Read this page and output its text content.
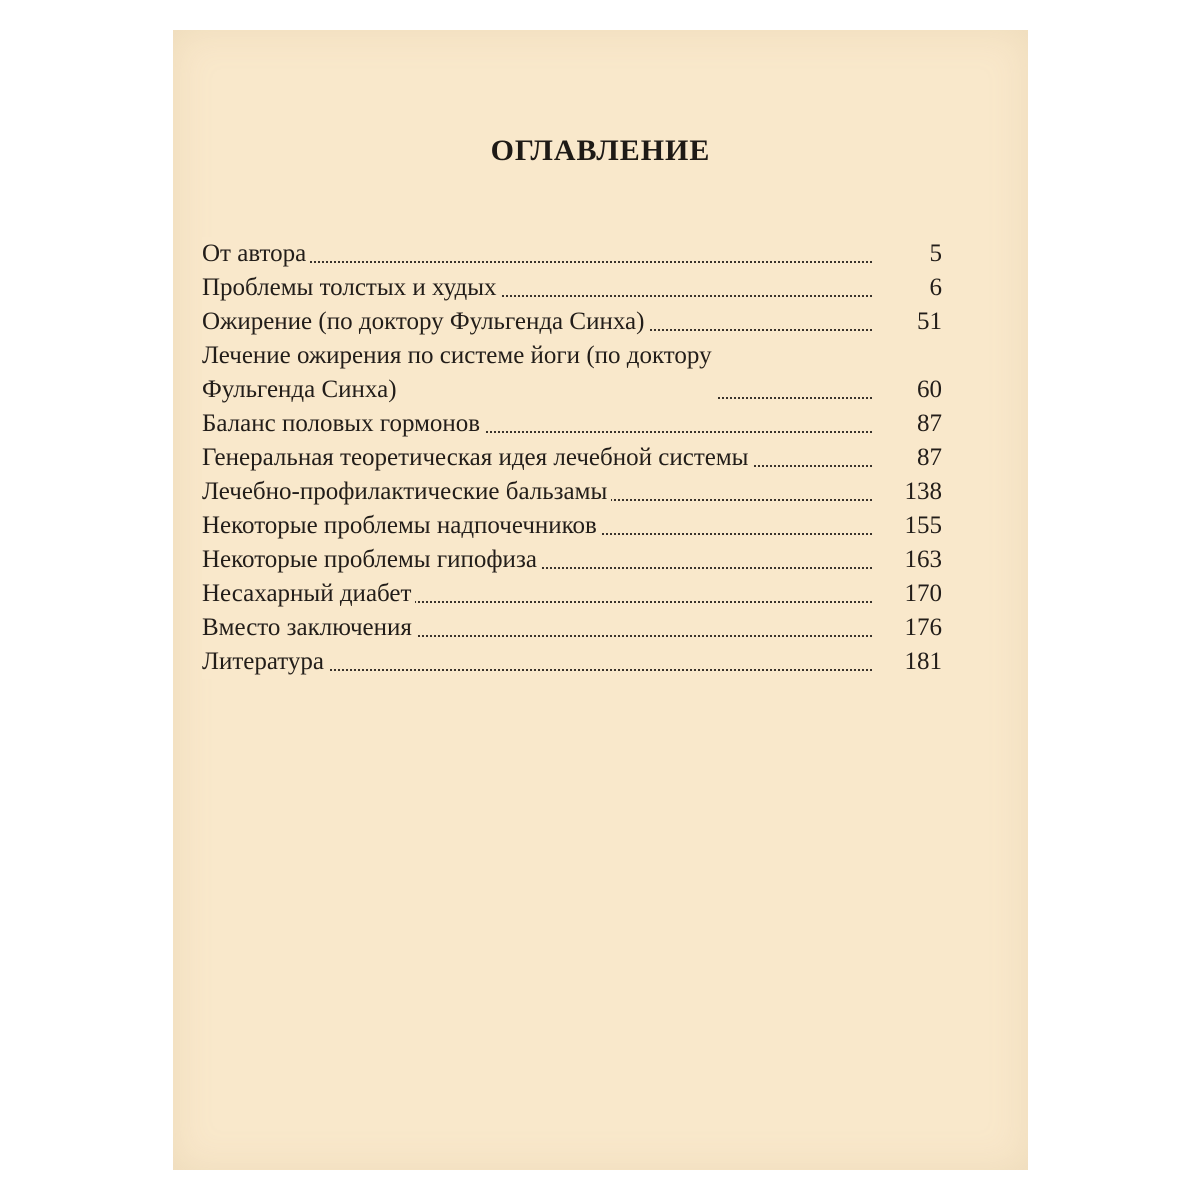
ОГЛАВЛЕНИЕ
От автора	5
Проблемы толстых и худых	6
Ожирение (по доктору Фульгенда Синха)	51
Лечение ожирения по системе йоги (по доктору
Фульгенда Синха)	60
Баланс половых гормонов	87
Генеральная теоретическая идея лечебной системы	87
Лечебно-профилактические бальзамы	138
Некоторые проблемы надпочечников	155
Некоторые проблемы гипофиза	163
Несахарный диабет	170
Вместо заключения	176
Литература	181
